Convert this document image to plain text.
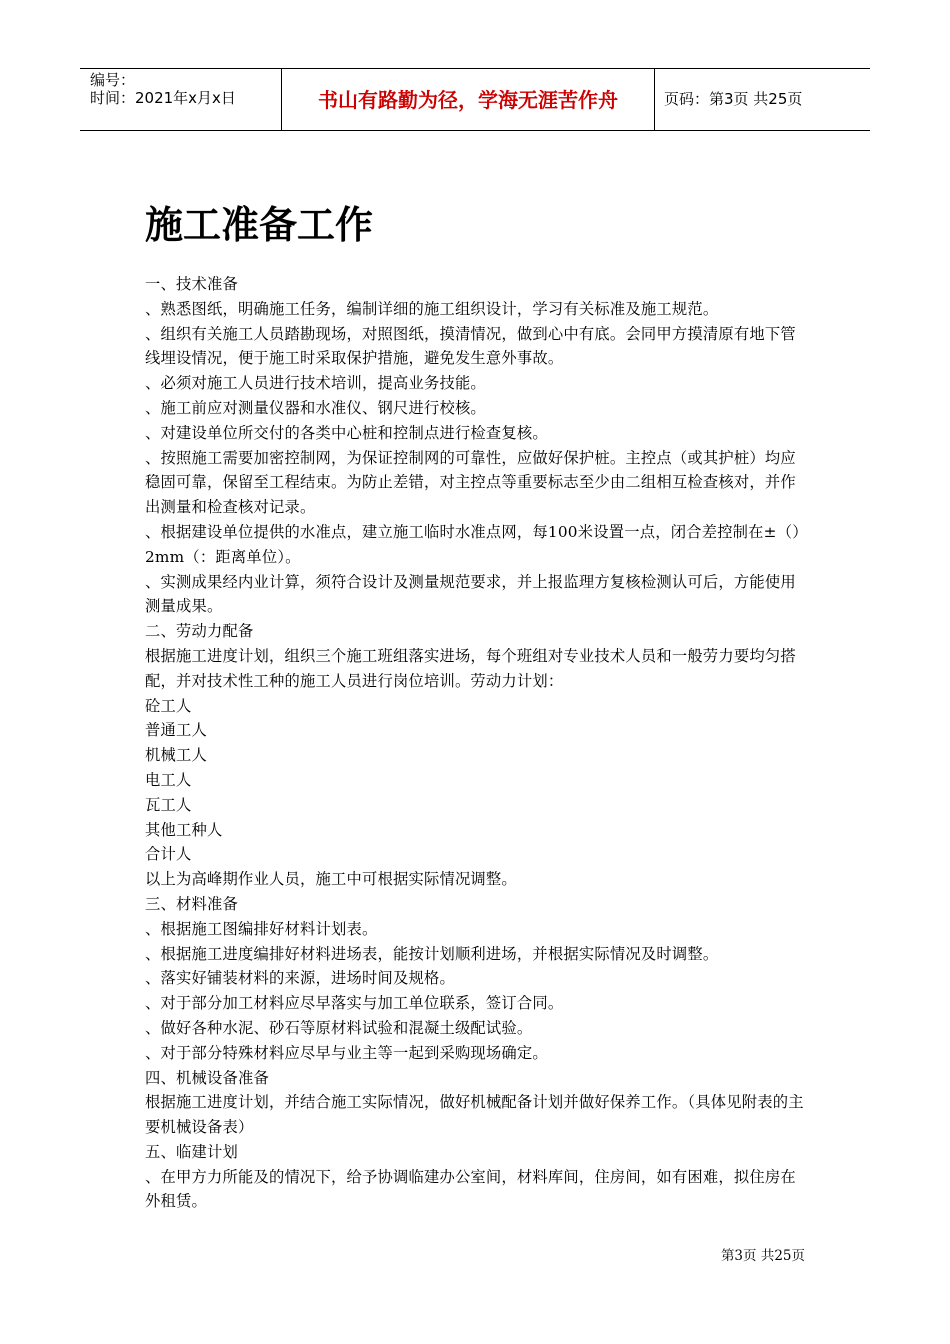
编号：
时间：2021年x月x日	书山有路勤为径，学海无涯苦作舟	页码：第3页 共25页
施工准备工作

一、技术准备

、熟悉图纸，明确施工任务，编制详细的施工组织设计，学习有关标准及施工规范。

、组织有关施工人员踏勘现场，对照图纸，摸清情况，做到心中有底。会同甲方摸清原有地下管线埋设情况，便于施工时采取保护措施，避免发生意外事故。

、必须对施工人员进行技术培训，提高业务技能。

、施工前应对测量仪器和水准仪、钢尺进行校核。

、对建设单位所交付的各类中心桩和控制点进行检查复核。

、按照施工需要加密控制网，为保证控制网的可靠性，应做好保护桩。主控点（或其护桩）均应稳固可靠，保留至工程结束。为防止差错，对主控点等重要标志至少由二组相互检查核对，并作出测量和检查核对记录。

、根据建设单位提供的水准点，建立施工临时水准点网，每100米设置一点，闭合差控制在±（）2mm（：距离单位）。

、实测成果经内业计算，须符合设计及测量规范要求，并上报监理方复核检测认可后，方能使用测量成果。

二、劳动力配备

根据施工进度计划，组织三个施工班组落实进场，每个班组对专业技术人员和一般劳力要均匀搭配，并对技术性工种的施工人员进行岗位培训。劳动力计划：

砼工人

普通工人

机械工人

电工人

瓦工人

其他工种人

合计人

以上为高峰期作业人员，施工中可根据实际情况调整。

三、材料准备

、根据施工图编排好材料计划表。

、根据施工进度编排好材料进场表，能按计划顺利进场，并根据实际情况及时调整。

、落实好铺装材料的来源，进场时间及规格。

、对于部分加工材料应尽早落实与加工单位联系，签订合同。

、做好各种水泥、砂石等原材料试验和混凝土级配试验。

、对于部分特殊材料应尽早与业主等一起到采购现场确定。

四、机械设备准备

根据施工进度计划，并结合施工实际情况，做好机械配备计划并做好保养工作。（具体见附表的主要机械设备表）

五、临建计划

、在甲方力所能及的情况下，给予协调临建办公室间，材料库间，住房间，如有困难，拟住房在外租赁。

第3页 共25页
